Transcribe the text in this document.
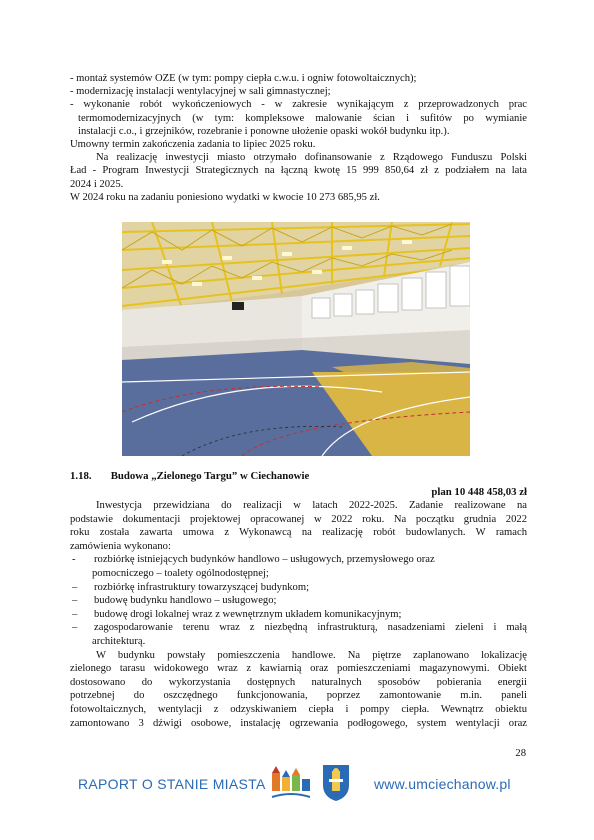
- montaż systemów OZE (w tym: pompy ciepła c.w.u. i ogniw fotowoltaicznych);
- modernizację instalacji wentylacyjnej w sali gimnastycznej;
- wykonanie robót wykończeniowych - w zakresie wynikającym z przeprowadzonych prac
termomodernizacyjnych (w tym: kompleksowe malowanie ścian i sufitów po wymianie
instalacji c.o., i grzejników, rozebranie i ponowne ułożenie opaski wokół budynku itp.).
Umowny termin zakończenia zadania to lipiec 2025 roku.
Na realizację inwestycji miasto otrzymało dofinansowanie z Rządowego Funduszu Polski
Ład - Program Inwestycji Strategicznych na łączną kwotę 15 999 850,64 zł z podziałem na lata
2024 i 2025.
W 2024 roku na zadaniu poniesiono wydatki w kwocie 10 273 685,95 zł.
1.18. Budowa „Zielonego Targu” w Ciechanowie
plan 10 448 458,03 zł
Inwestycja przewidziana do realizacji w latach 2022-2025. Zadanie realizowane na
podstawie dokumentacji projektowej opracowanej w 2022 roku. Na początku grudnia 2022
roku została zawarta umowa z Wykonawcą na realizację robót budowlanych. W ramach
zamówienia wykonano:
-	rozbiórkę istniejących budynków handlowo – usługowych, przemysłowego oraz
pomocniczego – toalety ogólnodostępnej;
–	rozbiórkę infrastruktury towarzyszącej budynkom;
–	budowę budynku handlowo – usługowego;
–	budowę drogi lokalnej wraz z wewnętrznym układem komunikacyjnym;
–	zagospodarowanie terenu wraz z niezbędną infrastrukturą, nasadzeniami zieleni i małą
architekturą.
W budynku powstały pomieszczenia handlowe. Na piętrze zaplanowano lokalizację
zielonego tarasu widokowego wraz z kawiarnią oraz pomieszczeniami magazynowymi. Obiekt
dostosowano do wykorzystania dostępnych naturalnych sposobów pobierania energii
potrzebnej do oszczędnego funkcjonowania, poprzez zamontowanie m.in. paneli
fotowoltaicznych, wentylacji z odzyskiwaniem ciepła i pompy ciepła. Wewnątrz obiektu
zamontowano 3 dźwigi osobowe, instalację ogrzewania podłogowego, system wentylacji oraz
28
RAPORT O STANIE MIASTA	www.umciechanow.pl
